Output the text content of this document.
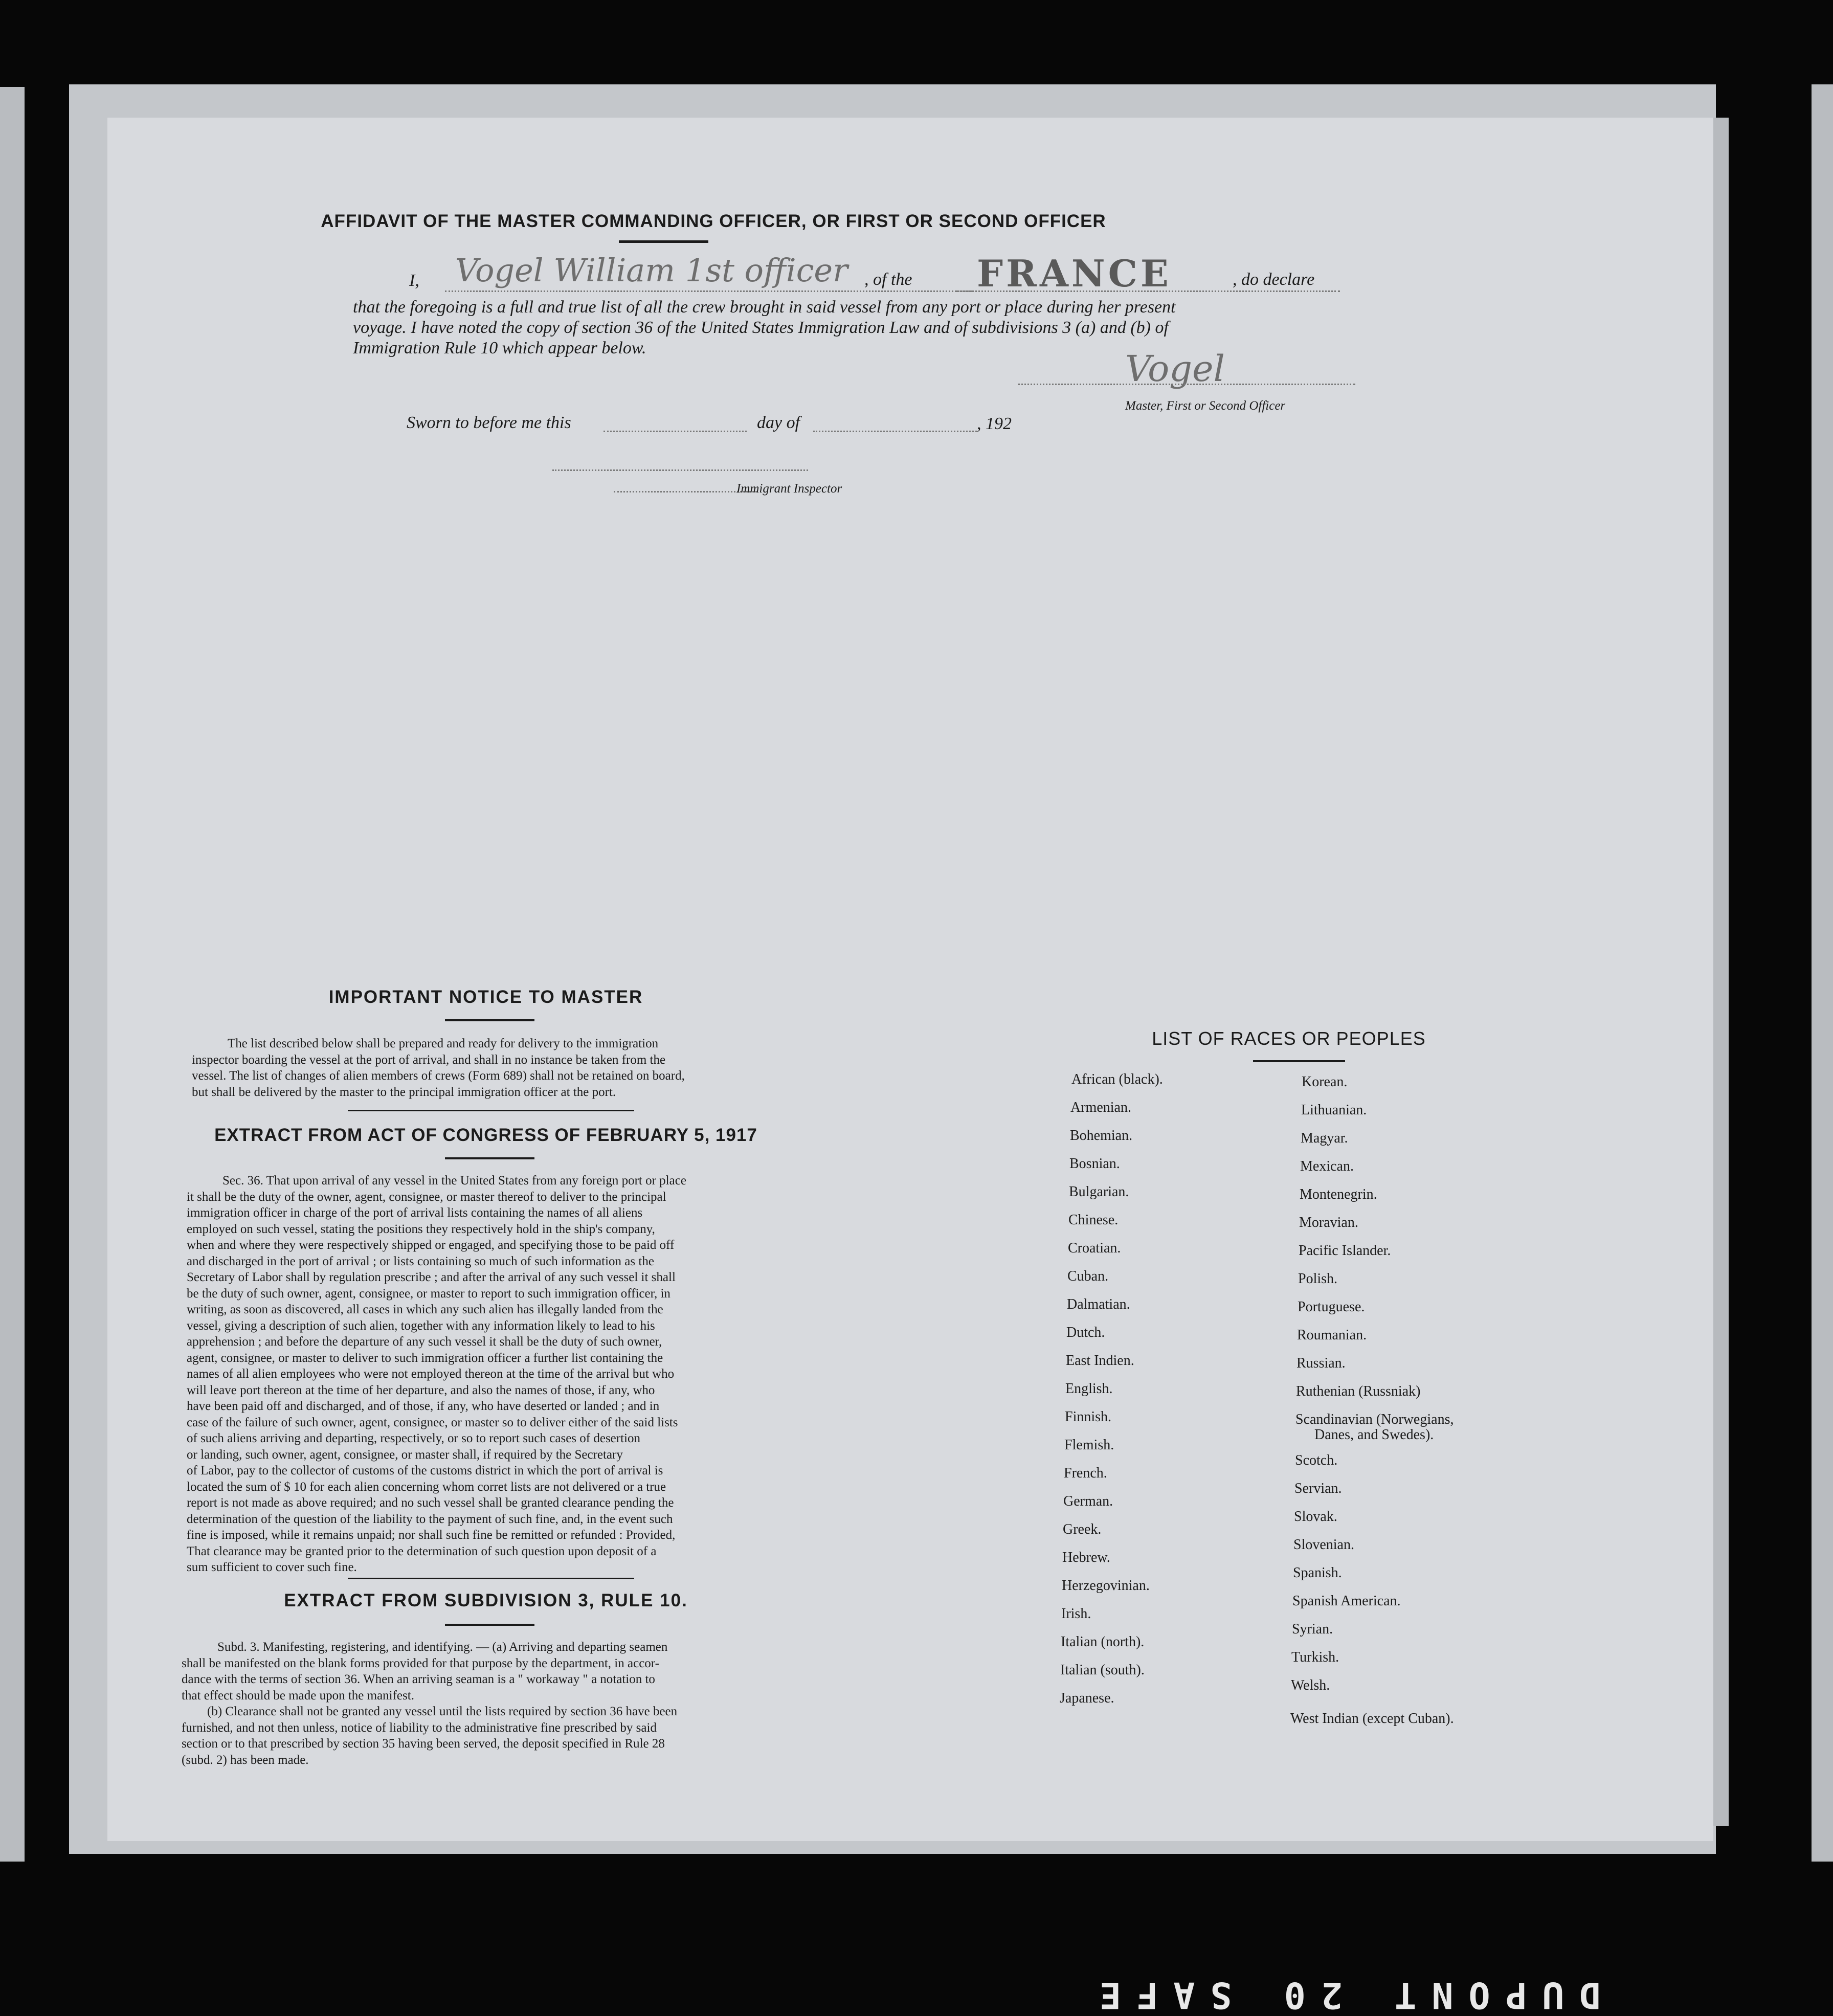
AFFIDAVIT OF THE MASTER COMMANDING OFFICER, OR FIRST OR SECOND OFFICER
I, Vogel William 1st officer , of the FRANCE	, do declare
that the foregoing is a full and true list of all the crew brought in said vessel from any port or place during her present
voyage. I have noted the copy of section 36 of the United States Immigration Law and of subdivisions 3 (a) and (b) of
Immigration Rule 10 which appear below.	Vogel
Master, First or Second Officer
Sworn to before me this	day of	, 192
Immigrant Inspector
IMPORTANT NOTICE TO MASTER
The list described below shall be prepared and ready for delivery to the immigration
inspector boarding the vessel at the port of arrival, and shall in no instance be taken from the
vessel. The list of changes of alien members of crews (Form 689) shall not be retained on board,
but shall be delivered by the master to the principal immigration officer at the port.
EXTRACT FROM ACT OF CONGRESS OF FEBRUARY 5, 1917
Sec. 36. That upon arrival of any vessel in the United States from any foreign port or place
it shall be the duty of the owner, agent, consignee, or master thereof to deliver to the principal
immigration officer in charge of the port of arrival lists containing the names of all aliens
employed on such vessel, stating the positions they respectively hold in the ship's company,
when and where they were respectively shipped or engaged, and specifying those to be paid off
and discharged in the port of arrival ; or lists containing so much of such information as the
Secretary of Labor shall by regulation prescribe ; and after the arrival of any such vessel it shall
be the duty of such owner, agent, consignee, or master to report to such immigration officer, in
writing, as soon as discovered, all cases in which any such alien has illegally landed from the
vessel, giving a description of such alien, together with any information likely to lead to his
apprehension ; and before the departure of any such vessel it shall be the duty of such owner,
agent, consignee, or master to deliver to such immigration officer a further list containing the
names of all alien employees who were not employed thereon at the time of the arrival but who
will leave port thereon at the time of her departure, and also the names of those, if any, who
have been paid off and discharged, and of those, if any, who have deserted or landed ; and in
case of the failure of such owner, agent, consignee, or master so to deliver either of the said lists
of such aliens arriving and departing, respectively, or so to report such cases of desertion
or landing, such owner, agent, consignee, or master shall, if required by the Secretary
of Labor, pay to the collector of customs of the customs district in which the port of arrival is
located the sum of $ 10 for each alien concerning whom corret lists are not delivered or a true
report is not made as above required; and no such vessel shall be granted clearance pending the
determination of the question of the liability to the payment of such fine, and, in the event such
fine is imposed, while it remains unpaid; nor shall such fine be remitted or refunded : Provided,
That clearance may be granted prior to the determination of such question upon deposit of a
sum sufficient to cover such fine.
EXTRACT FROM SUBDIVISION 3, RULE 10.
Subd. 3. Manifesting, registering, and identifying. — (a) Arriving and departing seamen
shall be manifested on the blank forms provided for that purpose by the department, in accor-
dance with the terms of section 36. When an arriving seaman is a " workaway " a notation to
that effect should be made upon the manifest.
(b) Clearance shall not be granted any vessel until the lists required by section 36 have been
furnished, and not then unless, notice of liability to the administrative fine prescribed by said
section or to that prescribed by section 35 having been served, the deposit specified in Rule 28
(subd. 2) has been made.
LIST OF RACES OR PEOPLES
African (black).
Armenian.
Bohemian.
Bosnian.
Bulgarian.
Chinese.
Croatian.
Cuban.
Dalmatian.
Dutch.
East Indien.
English.
Finnish.
Flemish.
French.
German.
Greek.
Hebrew.
Herzegovinian.
Irish.
Italian (north).
Italian (south).
Japanese.
Korean.
Lithuanian.
Magyar.
Mexican.
Montenegrin.
Moravian.
Pacific Islander.
Polish.
Portuguese.
Roumanian.
Russian.
Ruthenian (Russniak)
Scandinavian (Norwegians,
Danes, and Swedes).
Scotch.
Servian.
Slovak.
Slovenian.
Spanish.
Spanish American.
Syrian.
Turkish.
Welsh.
West Indian (except Cuban).
DUPONT 20 SAFE
